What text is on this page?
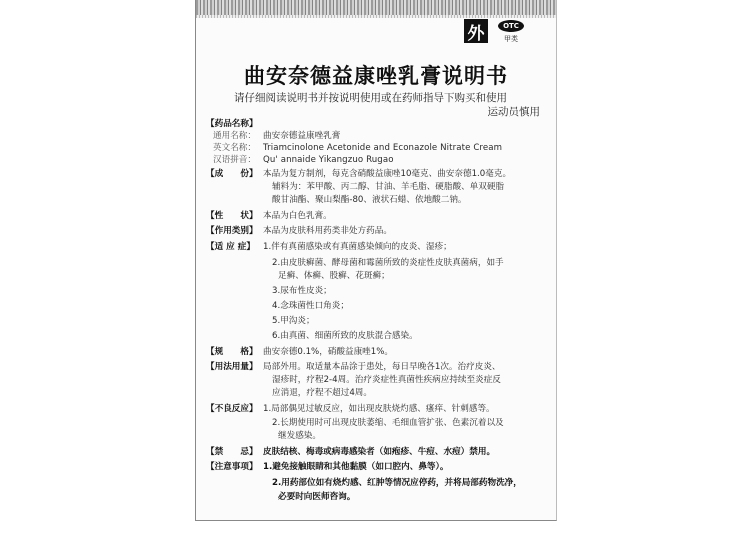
外	OTC
甲类
曲安奈德益康唑乳膏说明书
请仔细阅读说明书并按说明使用或在药师指导下购买和使用
运动员慎用
【药品名称】
通用名称： 曲安奈德益康唑乳膏
英文名称： Triamcinolone Acetonide and Econazole Nitrate Cream
汉语拼音： Qu' annaide Yikangzuo Rugao
【成　　份】 本品为复方制剂，每克含硝酸益康唑10毫克、曲安奈德1.0毫克。
辅料为：苯甲酸、丙二醇、甘油、羊毛脂、硬脂酸、单双硬脂
酸甘油酯、聚山梨酯-80、液状石蜡、依地酸二钠。
【性　　状】 本品为白色乳膏。
【作用类别】 本品为皮肤科用药类非处方药品。
【适 应 症】 1.伴有真菌感染或有真菌感染倾向的皮炎、湿疹；
2.由皮肤癣菌、酵母菌和霉菌所致的炎症性皮肤真菌病，如手
足癣、体癣、股癣、花斑癣；
3.尿布性皮炎；
4.念珠菌性口角炎；
5.甲沟炎；
6.由真菌、细菌所致的皮肤混合感染。
【规　　格】 曲安奈德0.1%，硝酸益康唑1%。
【用法用量】 局部外用。取适量本品涂于患处，每日早晚各1次。治疗皮炎、
湿疹时，疗程2-4周。治疗炎症性真菌性疾病应持续至炎症反
应消退，疗程不超过4周。
【不良反应】 1.局部偶见过敏反应，如出现皮肤烧灼感、瘙痒、针刺感等。
2.长期使用时可出现皮肤萎缩、毛细血管扩张、色素沉着以及
继发感染。
【禁　　忌】 皮肤结核、梅毒或病毒感染者（如疱疹、牛痘、水痘）禁用。
【注意事项】 1.避免接触眼睛和其他黏膜（如口腔内、鼻等）。
2.用药部位如有烧灼感、红肿等情况应停药，并将局部药物洗净，
必要时向医师咨询。
